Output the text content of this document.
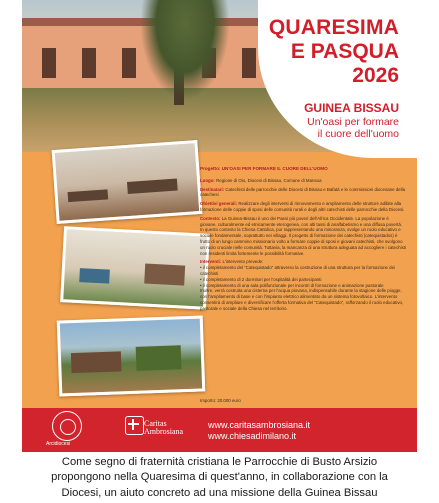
QUARESIMA
E PASQUA
2026
GUINEA BISSAU
Un'oasi per formare
il cuore dell'uomo
Progetto: UN'OASI PER FORMARE IL CUORE DELL'UOMO
Luogo: Regione di Oio, Diocesi di Bissau, Comune di Mansoa
Destinatari: Catechisti delle parrocchie delle Diocesi di Bissau e Bafatá e le commissioni diocesane della catechesi
Obiettivi generali: Realizzare degli interventi di rinnovamento e ampliamento delle strutture adibite alla formazione delle coppie di sposi delle comunità rurali e degli altri catechisti delle parrocchie della Diocesi.
Contesto: La Guinea-Bissau è uno dei Paesi più poveri dell'Africa Occidentale. La popolazione è giovane, culturalmente ed etnicamente eterogenea, con alti tassi di analfabetismo e una diffusa povertà. In questo contesto la Chiesa Cattolica, pur rappresentando una minoranza, svolge un ruolo educativo e sociale fondamentale, soprattutto nei villaggi. Il progetto di formazione dei catechisti (catequistados) è frutto di un lungo cammino missionario volto a formare coppie di sposi e giovani catechisti, che svolgono un ruolo cruciale nelle comunità. Tuttavia, la mancanza di una struttura adeguata ad accogliere i catechisti non residenti limita fortemente le possibilità formative.
Interventi: L'intervento prevede:
• il completamento del "Catequistado" attraverso la costruzione di una struttura per la formazione dei catechisti
• il completamento di 2 dormitori per l'ospitalità dei partecipanti
• il completamento di una sala polifunzionale per incontri di formazione e animazione pastorale
Inoltre, verrà costruita una cisterna per l'acqua piovana, indispensabile durante la stagione delle piogge, con l'ampliamento di base e con l'impianto elettrico alimentato da un sistema fotovoltaico. L'intervento consentirà di ampliare e diversificare l'offerta formativa del "Catequistado", rafforzando il ruolo educativo, pastorale e sociale della Chiesa nel territorio.
Importo: 20.000 euro
Arcidiocesi
Caritas
Ambrosiana
www.caritasambrosiana.it
www.chiesadimilano.it
Come segno di fraternità cristiana le Parrocchie di Busto Arsizio
propongono nella Quaresima di quest'anno, in collaborazione con la
Diocesi, un aiuto concreto ad una missione della Guinea Bissau
